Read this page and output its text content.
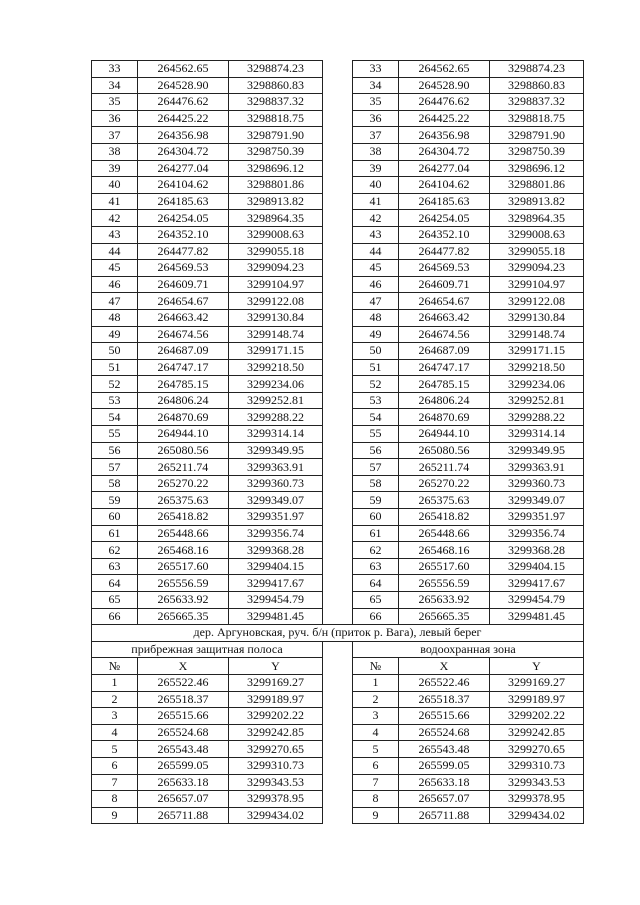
33	264562.65	3298874.23		33	264562.65	3298874.23
34	264528.90	3298860.83		34	264528.90	3298860.83
35	264476.62	3298837.32		35	264476.62	3298837.32
36	264425.22	3298818.75		36	264425.22	3298818.75
37	264356.98	3298791.90		37	264356.98	3298791.90
38	264304.72	3298750.39		38	264304.72	3298750.39
39	264277.04	3298696.12		39	264277.04	3298696.12
40	264104.62	3298801.86		40	264104.62	3298801.86
41	264185.63	3298913.82		41	264185.63	3298913.82
42	264254.05	3298964.35		42	264254.05	3298964.35
43	264352.10	3299008.63		43	264352.10	3299008.63
44	264477.82	3299055.18		44	264477.82	3299055.18
45	264569.53	3299094.23		45	264569.53	3299094.23
46	264609.71	3299104.97		46	264609.71	3299104.97
47	264654.67	3299122.08		47	264654.67	3299122.08
48	264663.42	3299130.84		48	264663.42	3299130.84
49	264674.56	3299148.74		49	264674.56	3299148.74
50	264687.09	3299171.15		50	264687.09	3299171.15
51	264747.17	3299218.50		51	264747.17	3299218.50
52	264785.15	3299234.06		52	264785.15	3299234.06
53	264806.24	3299252.81		53	264806.24	3299252.81
54	264870.69	3299288.22		54	264870.69	3299288.22
55	264944.10	3299314.14		55	264944.10	3299314.14
56	265080.56	3299349.95		56	265080.56	3299349.95
57	265211.74	3299363.91		57	265211.74	3299363.91
58	265270.22	3299360.73		58	265270.22	3299360.73
59	265375.63	3299349.07		59	265375.63	3299349.07
60	265418.82	3299351.97		60	265418.82	3299351.97
61	265448.66	3299356.74		61	265448.66	3299356.74
62	265468.16	3299368.28		62	265468.16	3299368.28
63	265517.60	3299404.15		63	265517.60	3299404.15
64	265556.59	3299417.67		64	265556.59	3299417.67
65	265633.92	3299454.79		65	265633.92	3299454.79
66	265665.35	3299481.45		66	265665.35	3299481.45
дер. Аргуновская, руч. б/н (приток р. Вага), левый берег						
прибрежная защитная полоса				водоохранная зона		
№	X	Y		№	X	Y
1	265522.46	3299169.27		1	265522.46	3299169.27
2	265518.37	3299189.97		2	265518.37	3299189.97
3	265515.66	3299202.22		3	265515.66	3299202.22
4	265524.68	3299242.85		4	265524.68	3299242.85
5	265543.48	3299270.65		5	265543.48	3299270.65
6	265599.05	3299310.73		6	265599.05	3299310.73
7	265633.18	3299343.53		7	265633.18	3299343.53
8	265657.07	3299378.95		8	265657.07	3299378.95
9	265711.88	3299434.02		9	265711.88	3299434.02
